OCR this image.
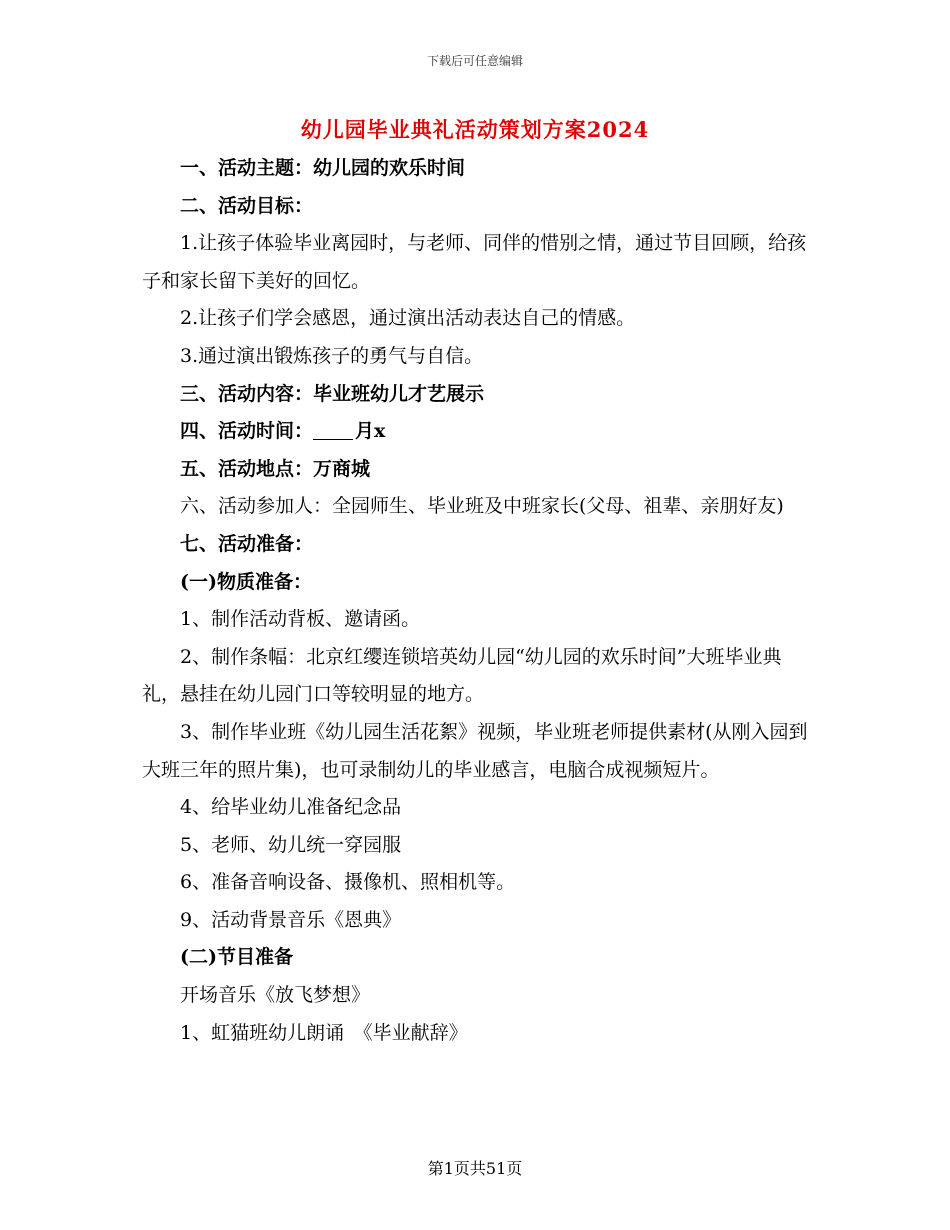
下载后可任意编辑
幼儿园毕业典礼活动策划方案2024

一、活动主题：幼儿园的欢乐时间

二、活动目标：

1.让孩子体验毕业离园时，与老师、同伴的惜别之情，通过节目回顾，给孩子和家长留下美好的回忆。

2.让孩子们学会感恩，通过演出活动表达自己的情感。

3.通过演出锻炼孩子的勇气与自信。

三、活动内容：毕业班幼儿才艺展示

四、活动时间： 月x

五、活动地点：万商城

六、活动参加人：全园师生、毕业班及中班家长(父母、祖辈、亲朋好友)

七、活动准备：

(一)物质准备：

1、制作活动背板、邀请函。

2、制作条幅：北京红缨连锁培英幼儿园“幼儿园的欢乐时间”大班毕业典礼，悬挂在幼儿园门口等较明显的地方。

3、制作毕业班《幼儿园生活花絮》视频，毕业班老师提供素材(从刚入园到大班三年的照片集)，也可录制幼儿的毕业感言，电脑合成视频短片。

4、给毕业幼儿准备纪念品

5、老师、幼儿统一穿园服

6、准备音响设备、摄像机、照相机等。

9、活动背景音乐《恩典》

(二)节目准备

开场音乐《放飞梦想》

1、虹猫班幼儿朗诵　《毕业献辞》

第1页共51页
